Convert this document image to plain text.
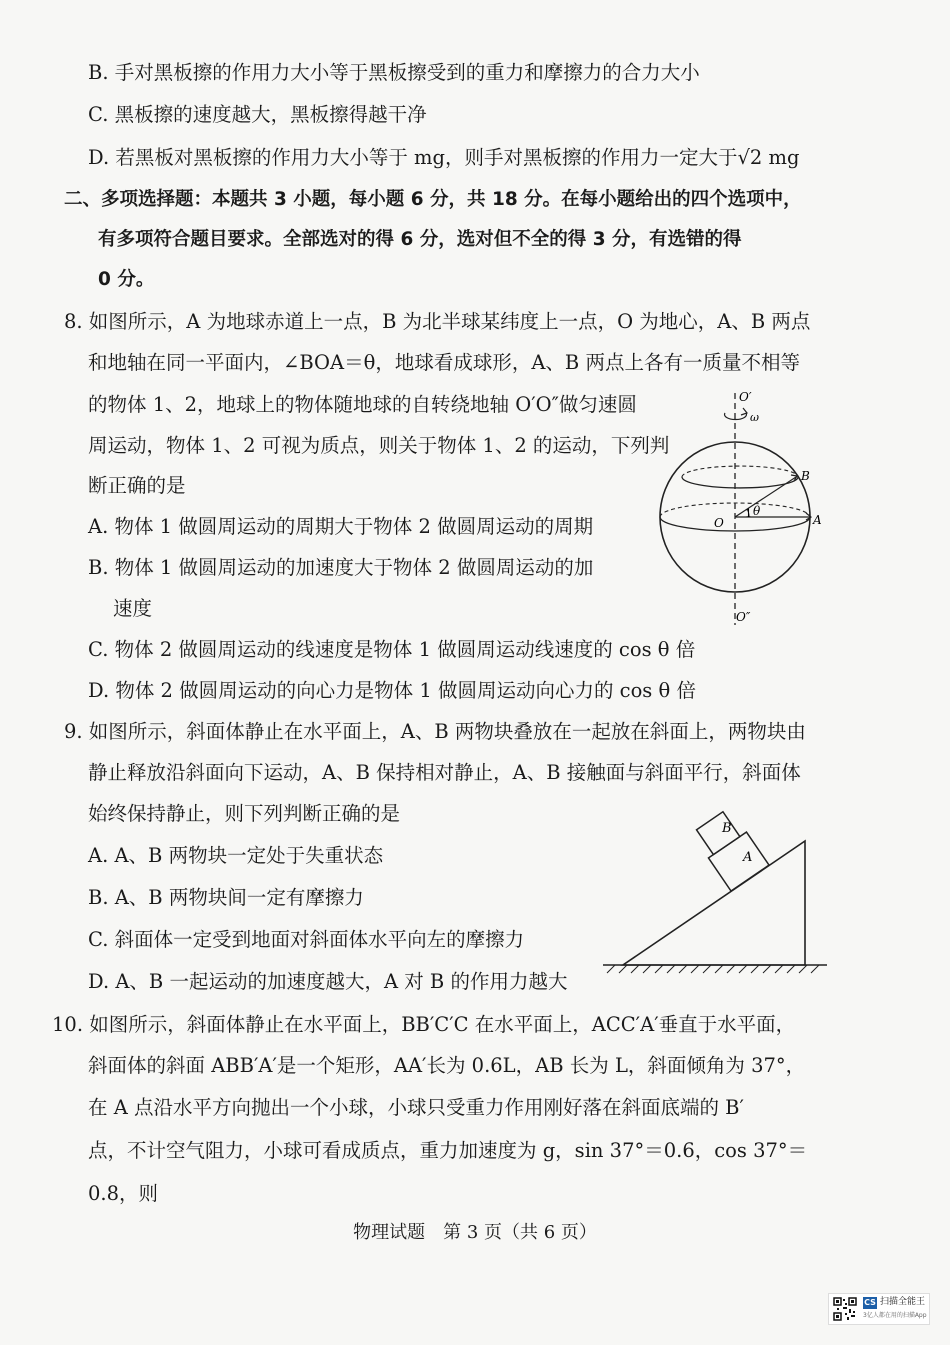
B. 手对黑板擦的作用力大小等于黑板擦受到的重力和摩擦力的合力大小
C. 黑板擦的速度越大，黑板擦得越干净
D. 若黑板对黑板擦的作用力大小等于 mg，则手对黑板擦的作用力一定大于√2 mg
二、多项选择题：本题共 3 小题，每小题 6 分，共 18 分。在每小题给出的四个选项中，
有多项符合题目要求。全部选对的得 6 分，选对但不全的得 3 分，有选错的得
0 分。
8. 如图所示，A 为地球赤道上一点，B 为北半球某纬度上一点，O 为地心，A、B 两点
和地轴在同一平面内，∠BOA＝θ，地球看成球形，A、B 两点上各有一质量不相等
的物体 1、2，地球上的物体随地球的自转绕地轴 O′O″做匀速圆
周运动，物体 1、2 可视为质点，则关于物体 1、2 的运动，下列判
断正确的是
A. 物体 1 做圆周运动的周期大于物体 2 做圆周运动的周期
B. 物体 1 做圆周运动的加速度大于物体 2 做圆周运动的加
速度
C. 物体 2 做圆周运动的线速度是物体 1 做圆周运动线速度的 cos θ 倍
D. 物体 2 做圆周运动的向心力是物体 1 做圆周运动向心力的 cos θ 倍
O′
ω
B
A
O
1 θ
O″
9. 如图所示，斜面体静止在水平面上，A、B 两物块叠放在一起放在斜面上，两物块由
静止释放沿斜面向下运动，A、B 保持相对静止，A、B 接触面与斜面平行，斜面体
始终保持静止，则下列判断正确的是
A. A、B 两物块一定处于失重状态
B. A、B 两物块间一定有摩擦力
C. 斜面体一定受到地面对斜面体水平向左的摩擦力
D. A、B 一起运动的加速度越大，A 对 B 的作用力越大
A
B
10. 如图所示，斜面体静止在水平面上，BB′C′C 在水平面上，ACC′A′垂直于水平面，
斜面体的斜面 ABB′A′是一个矩形，AA′长为 0.6L，AB 长为 L，斜面倾角为 37°，
在 A 点沿水平方向抛出一个小球，小球只受重力作用刚好落在斜面底端的 B′
点，不计空气阻力，小球可看成质点，重力加速度为 g，sin 37°＝0.6，cos 37°＝
0.8，则
物理试题　第 3 页（共 6 页）
CS 扫描全能王
3亿人都在用的扫描App
